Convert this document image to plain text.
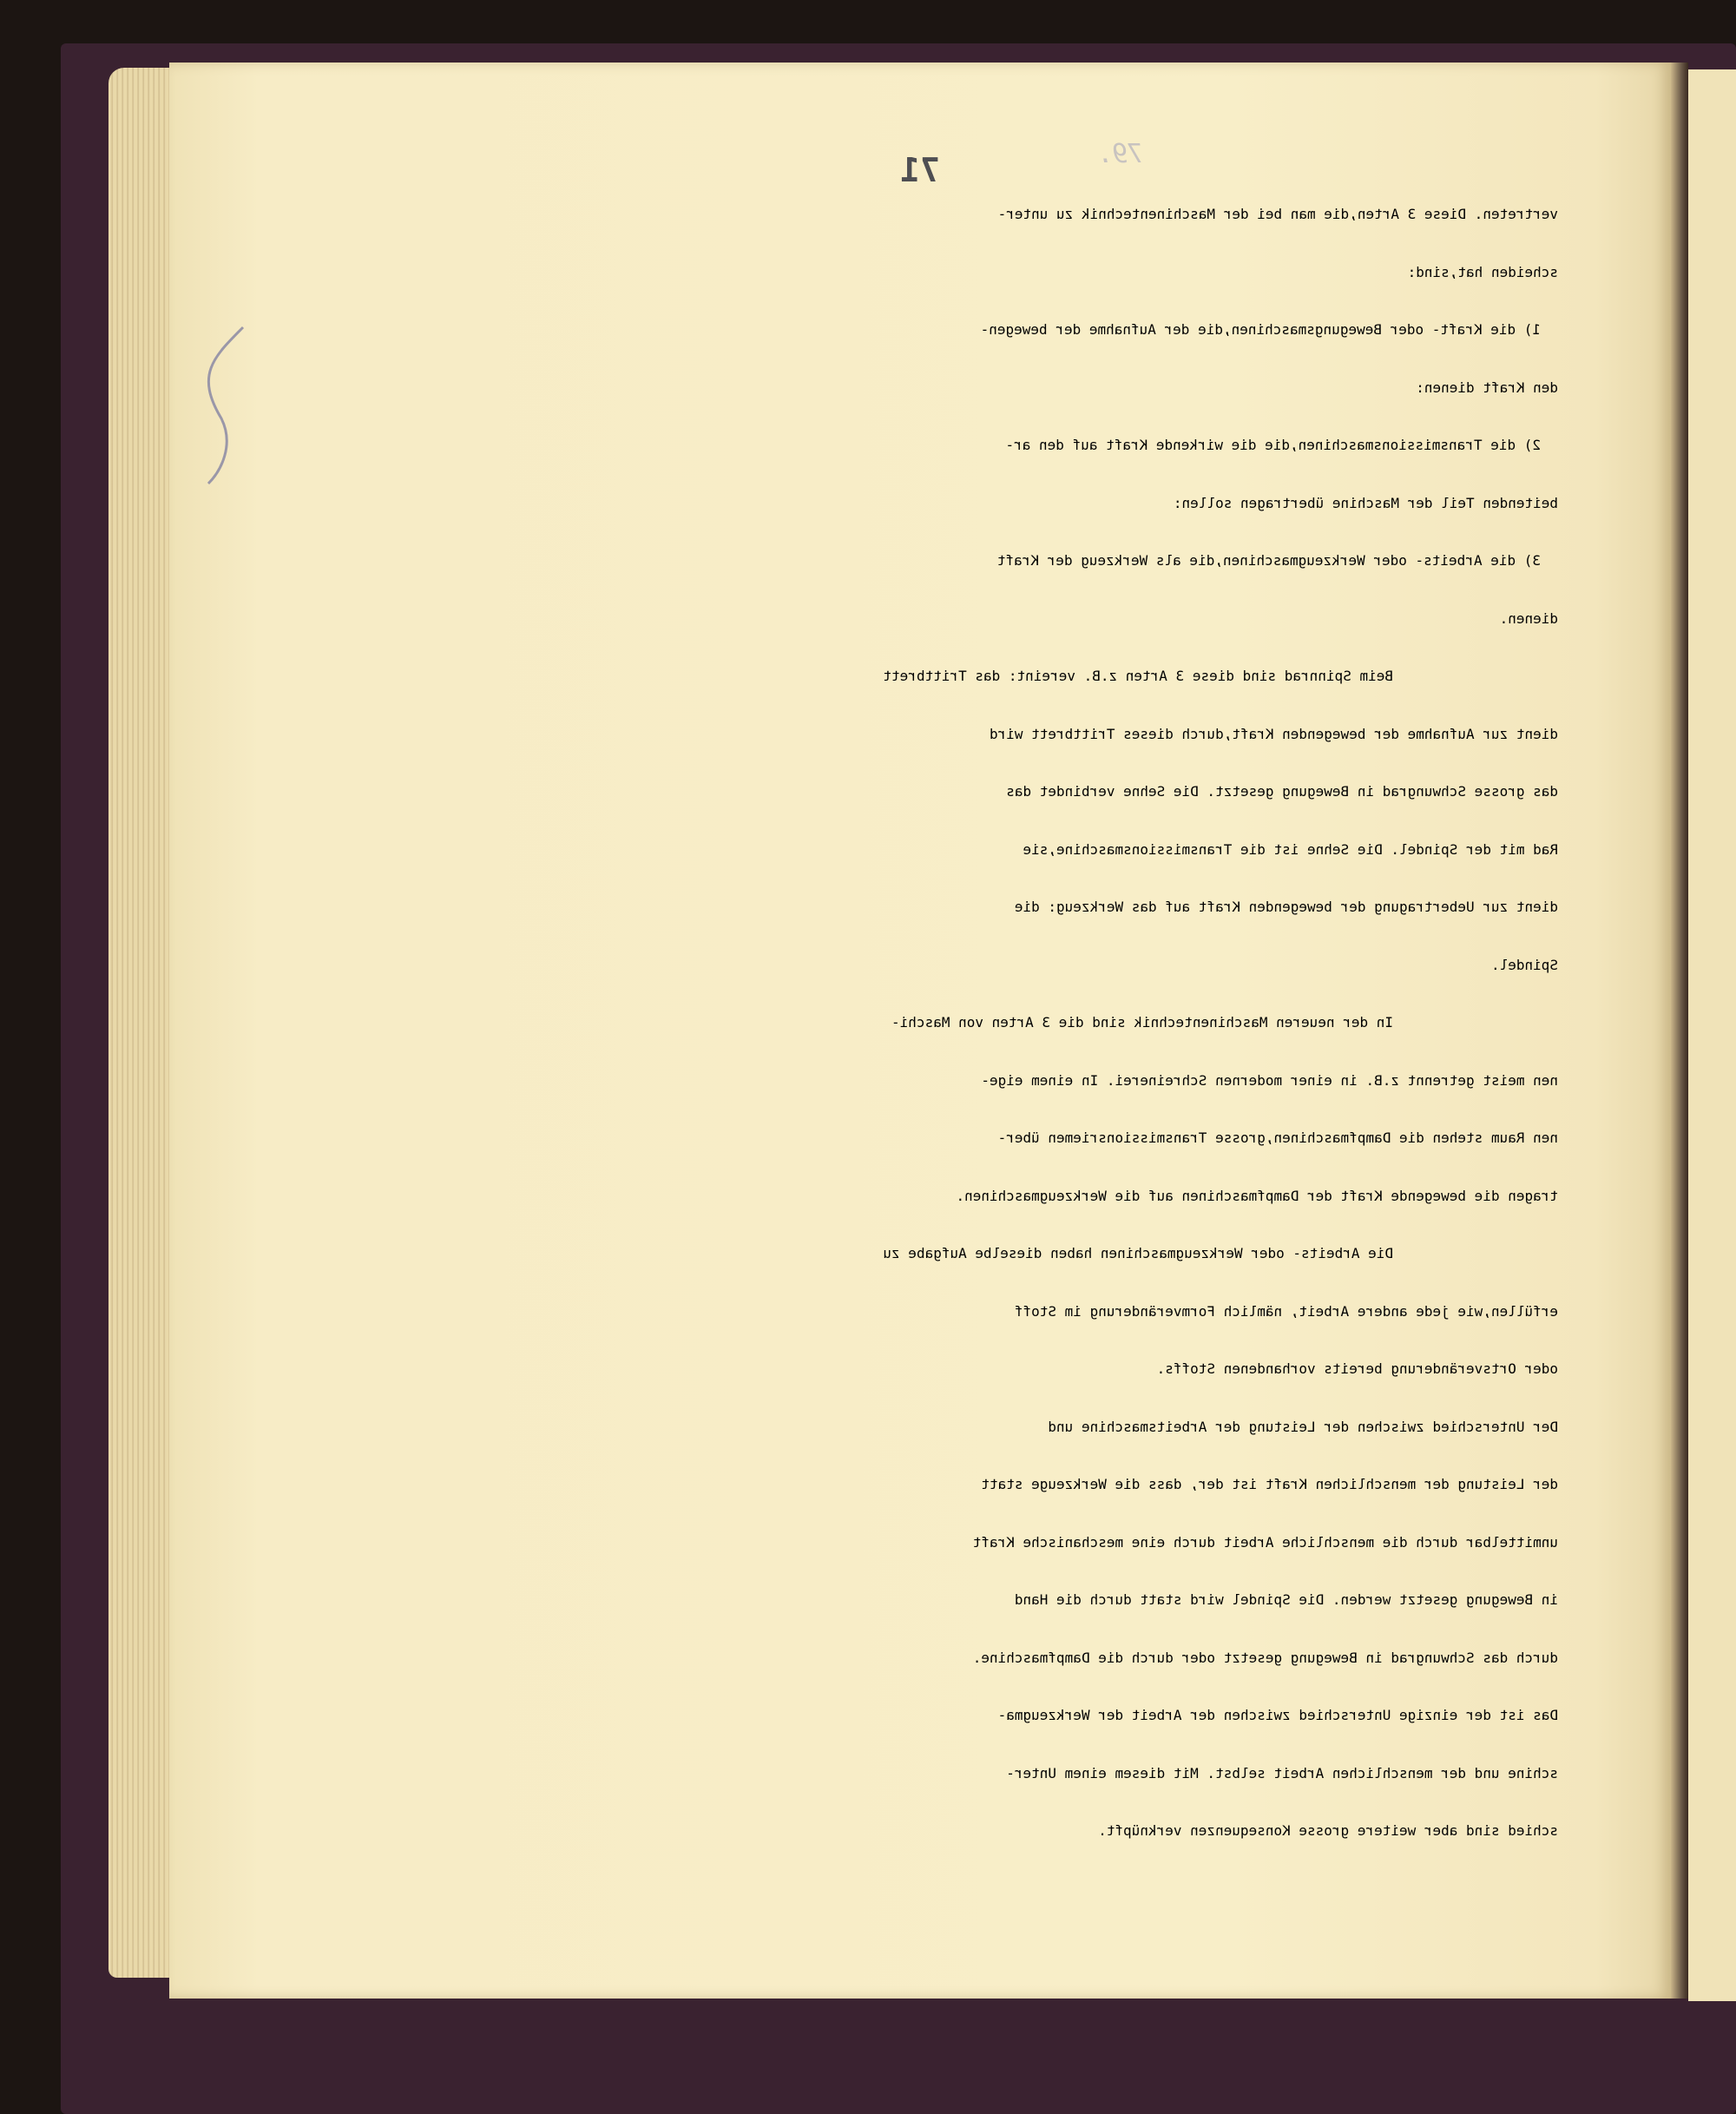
71	79.
vertreten. Diese 3 Arten,die man bei der Maschinentechnik zu unter-
scheiden hat,sind:
1) die Kraft- oder Bewegungsmaschinen,die der Aufnahme der bewegen-
den Kraft dienen:
2) die Transmissionsmaschinen,die die wirkende Kraft auf den ar-
beitenden Teil der Maschine übertragen sollen:
3) die Arbeits- oder Werkzeugmaschinen,die als Werkzeug der Kraft
dienen.
Beim Spinnrad sind diese 3 Arten z.B. vereint: das Trittbrett
dient zur Aufnahme der bewegenden Kraft,durch dieses Trittbrett wird
das grosse Schwungrad in Bewegung gesetzt. Die Sehne verbindet das
Rad mit der Spindel. Die Sehne ist die Transmissionsmaschine,sie
dient zur Uebertragung der bewegenden Kraft auf das Werkzeug: die
Spindel.
In der neueren Maschinentechnik sind die 3 Arten von Maschi-
nen meist getrennt z.B. in einer modernen Schreinerei. In einem eige-
nen Raum stehen die Dampfmaschinen,grosse Transmissionsriemen über-
tragen die bewegende Kraft der Dampfmaschinen auf die Werkzeugmaschinen.
Die Arbeits- oder Werkzeugmaschinen haben dieselbe Aufgabe zu
erfüllen,wie jede andere Arbeit, nämlich Formveränderung im Stoff
oder Ortsveränderung bereits vorhandenen Stoffs.
Der Unterschied zwischen der Leistung der Arbeitsmaschine und
der Leistung der menschlichen Kraft ist der, dass die Werkzeuge statt
unmittelbar durch die menschliche Arbeit durch eine meschanische Kraft
in Bewegung gesetzt werden. Die Spindel wird statt durch die Hand
durch das Schwungrad in Bewegung gesetzt oder durch die Dampfmaschine.
Das ist der einzige Unterschied zwischen der Arbeit der Werkzeugma-
schine und der menschlichen Arbeit selbst. Mit diesem einem Unter-
schied sind aber weitere grosse Konsequenzen verknüpft.
